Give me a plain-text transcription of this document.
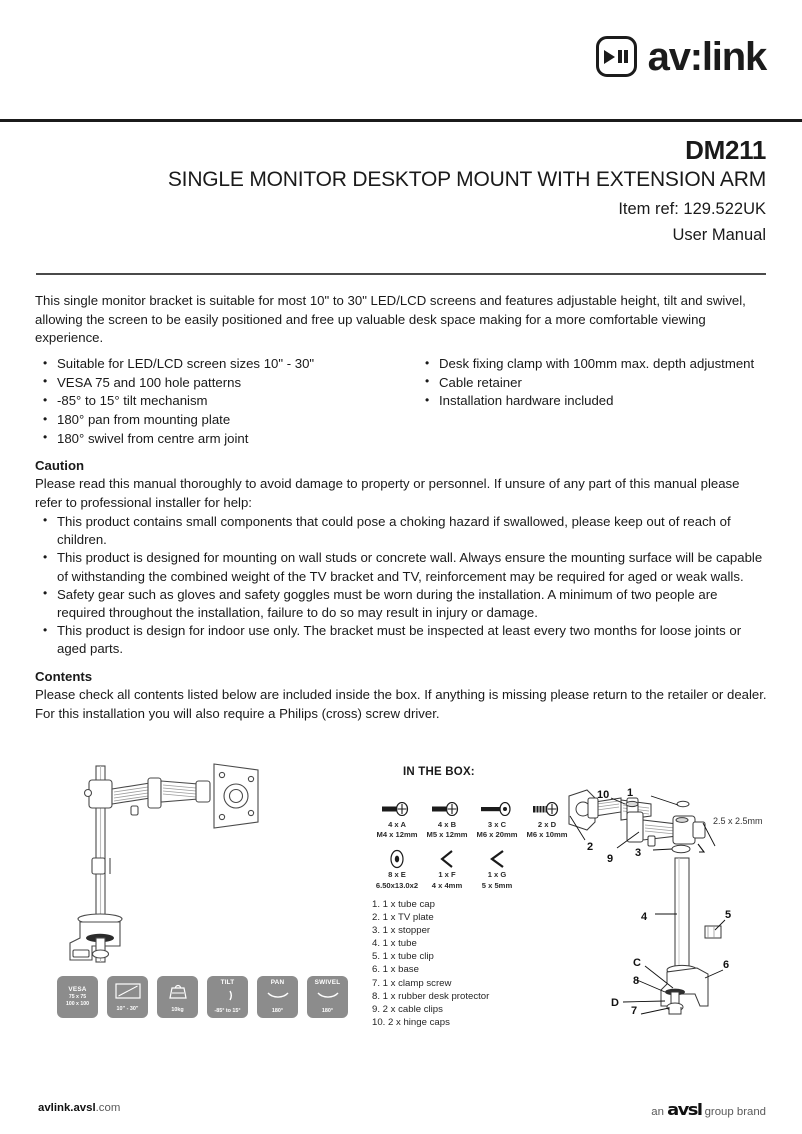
av:link
DM211
SINGLE MONITOR DESKTOP MOUNT WITH EXTENSION ARM
Item ref: 129.522UK
User Manual
This single monitor bracket is suitable for most 10" to 30" LED/LCD screens and features adjustable height, tilt and swivel, allowing the screen to be easily positioned and free up valuable desk space making for a more comfortable viewing experience.
• Suitable for LED/LCD screen sizes 10" - 30"
• VESA 75 and 100 hole patterns
• -85° to 15° tilt mechanism
• 180° pan from mounting plate
• 180° swivel from centre arm joint
• Desk fixing clamp with 100mm max. depth adjustment
• Cable retainer
• Installation hardware included
Caution
Please read this manual thoroughly to avoid damage to property or personnel. If unsure of any part of this manual please refer to professional installer for help:
• This product contains small components that could pose a choking hazard if swallowed, please keep out of reach of children.
• This product is designed for mounting on wall studs or concrete wall. Always ensure the mounting surface will be capable of withstanding the combined weight of the TV bracket and TV, reinforcement may be required for aged or weak walls.
• Safety gear such as gloves and safety goggles must be worn during the installation. A minimum of two people are required throughout the installation, failure to do so may result in injury or damage.
• This product is design for indoor use only. The bracket must be inspected at least every two months for loose joints or aged parts.
Contents
Please check all contents listed below are included inside the box. If anything is missing please return to the retailer or dealer.
For this installation you will also require a Philips (cross) screw driver.
VESA
75 x 75
100 x 100
10" - 30"	10kg
TILT
-85° to 15°
PAN
180°
SWIVEL
180°
IN THE BOX:
4 x A
M4 x 12mm
4 x B
M5 x 12mm
3 x C
M6 x 20mm
2 x D
M6 x 10mm
8 x E
6.50x13.0x2
1 x F
4 x 4mm
1 x G
5 x 5mm
1. 1 x tube cap
2. 1 x TV plate
3. 1 x stopper
4. 1 x tube
5. 1 x tube clip
6. 1 x base
7. 1 x clamp screw
8. 1 x rubber desk protector
9. 2 x cable clips
10. 2 x hinge caps
10 1
2
9 3
4	5
6
8
7
C
D
2.5 x 2.5mm
avlink.avsl.com	an avsl group brand
